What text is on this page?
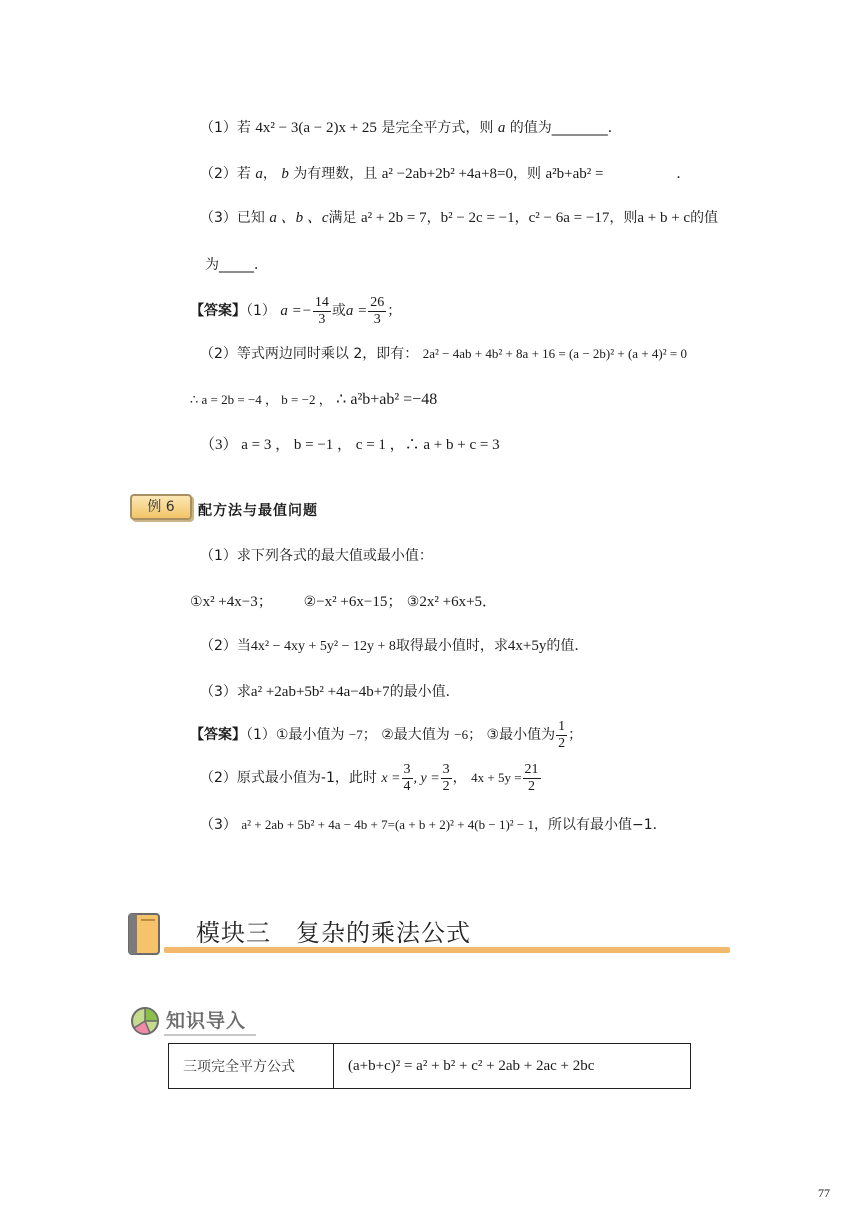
（1）若 4x² − 3(a − 2)x + 25 是完全平方式，则 a 的值为________．
（2）若 a， b 为有理数，且 a² −2ab+2b² +4a+8=0，则 a²b+ab² =	．
（3）已知 a 、b 、c满足 a² + 2b = 7，b² − 2c = −1，c² − 6a = −17，则a + b + c的值
为_____．
【答案】（1） $a =- \frac{14}{3}$ 或$a = \frac{26}{3}$ ；
（2）等式两边同时乘以 2，即有： 2a² − 4ab + 4b² + 8a + 16 = (a − 2b)² + (a + 4)² = 0
∴ a = 2b = −4 ， b = −2 ， ∴ a²b+ab² =−48
（3） a = 3 ， b = −1 ， c = 1 ，∴ a + b + c = 3
例 6	配方法与最值问题
（1）求下列各式的最大值或最小值：
①x² +4x−3； ②−x² +6x−15； ③2x² +6x+5．
（2）当4x² − 4xy + 5y² − 12y + 8取得最小值时，求4x+5y的值．
（3）求a² +2ab+5b² +4a−4b+7的最小值．
【答案】（1）①最小值为 −7； ②最大值为 −6； ③最小值为 $\frac{1}{2}$ ；
（2）原式最小值为-1，此时 $x = \frac{3}{4}$ , $y = \frac{3}{2}$ ， $4x + 5y = \frac{21}{2}$
（3） a² + 2ab + 5b² + 4a − 4b + 7=(a + b + 2)² + 4(b − 1)² − 1，所以有最小值−1．
模块三　复杂的乘法公式
知识导入
三项完全平方公式	(a+b+c)² = a² + b² + c² + 2ab + 2ac + 2bc
77
